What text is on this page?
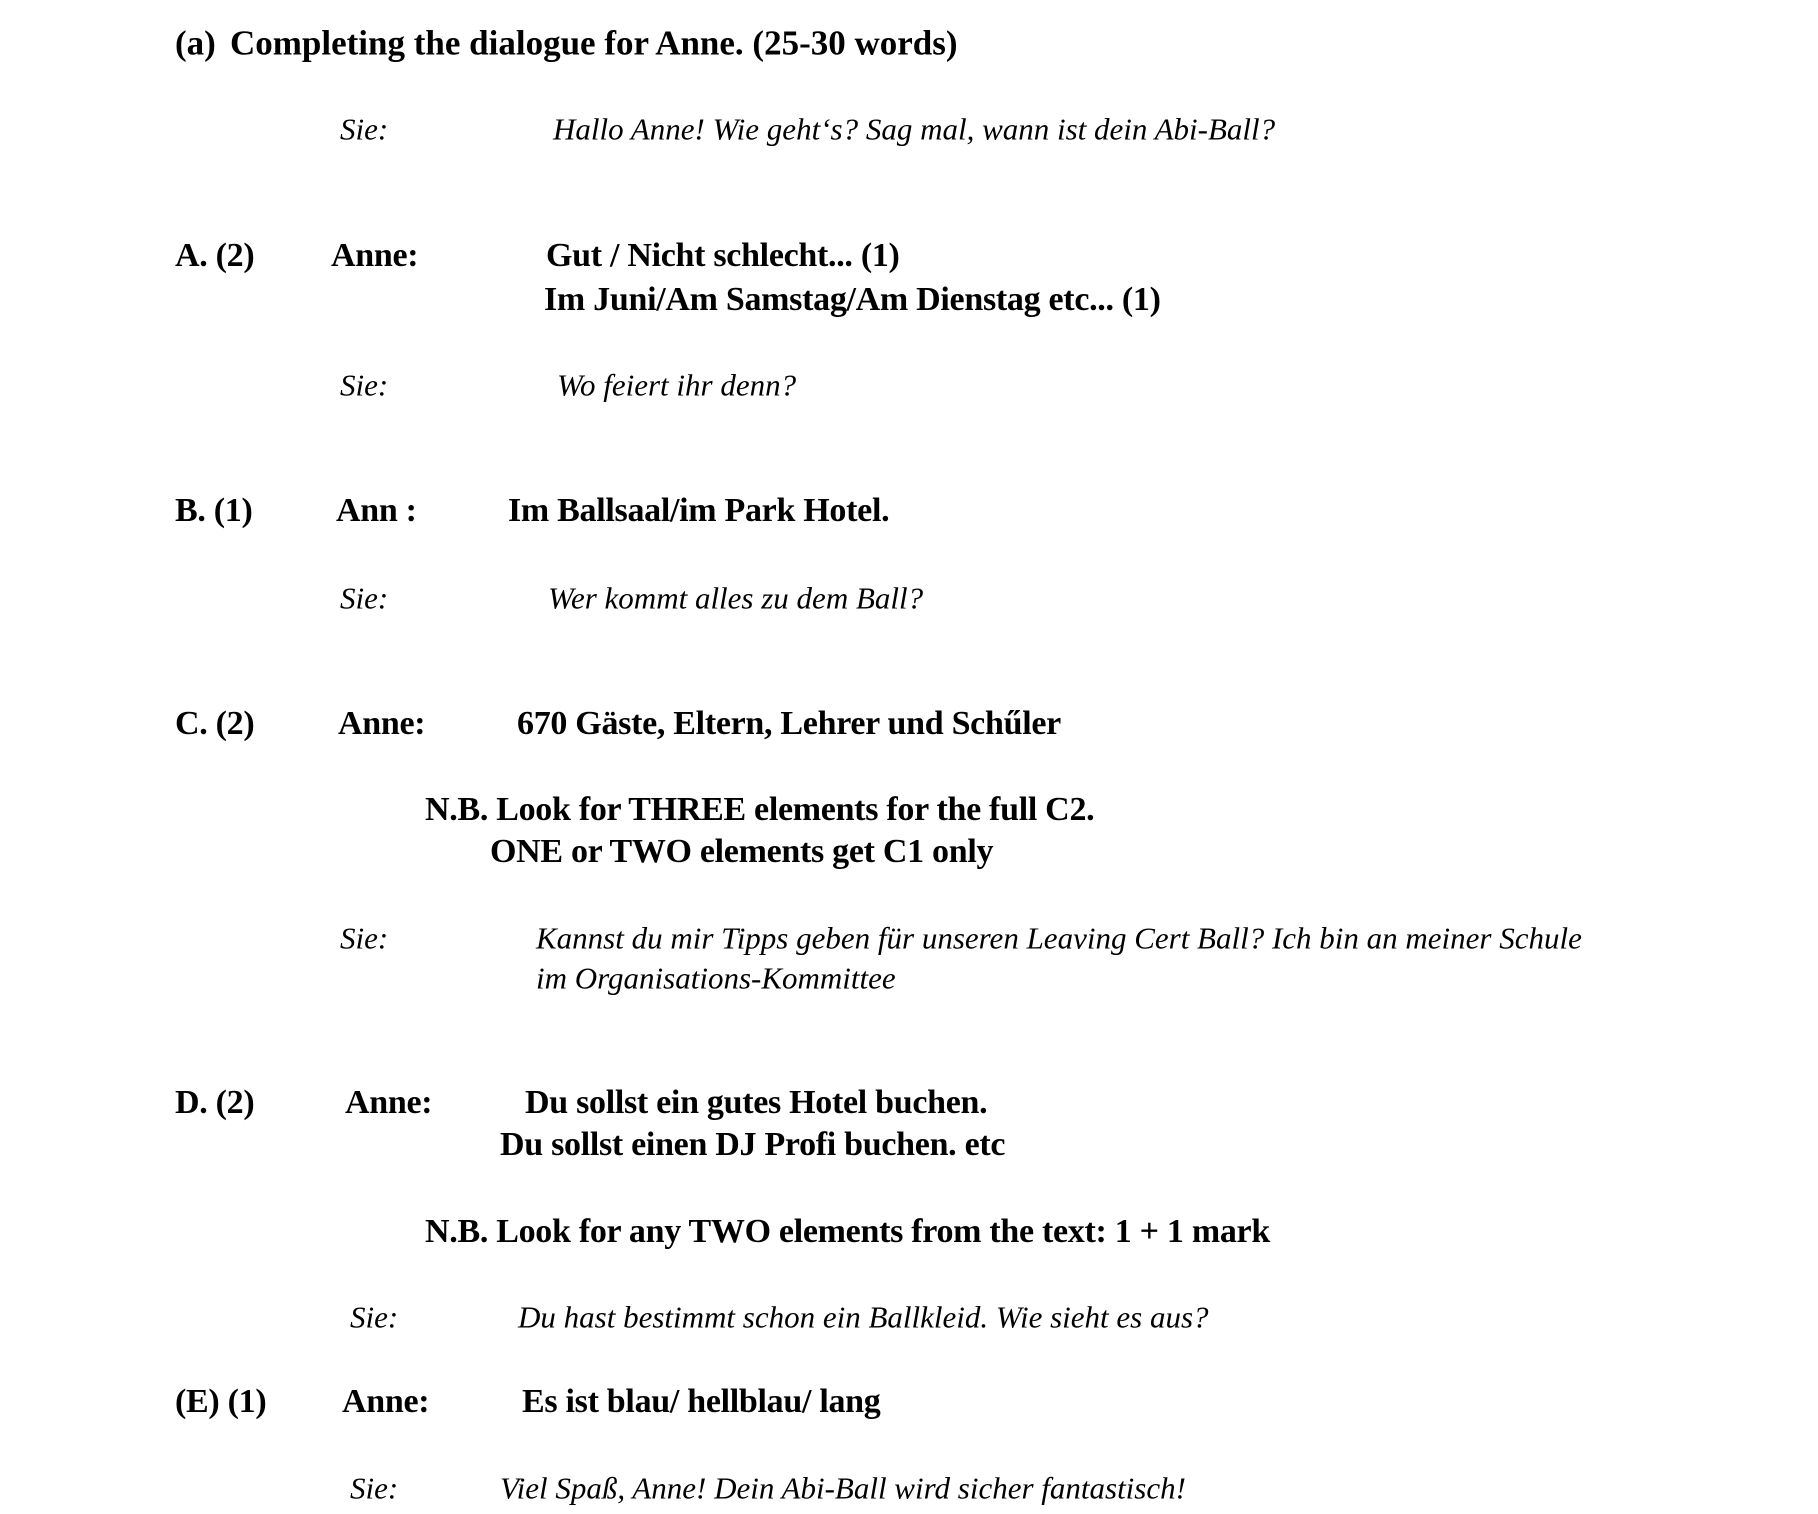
(a) Completing the dialogue for Anne. (25-30 words)
Sie:	Hallo Anne! Wie geht‘s? Sag mal, wann ist dein Abi-Ball?
A. (2) Anne:	Gut / Nicht schlecht... (1)
Im Juni/Am Samstag/Am Dienstag etc... (1)
Sie:	Wo feiert ihr denn?
B. (1) Ann :	Im Ballsaal/im Park Hotel.
Sie:	Wer kommt alles zu dem Ball?
C. (2) Anne:	670 Gäste, Eltern, Lehrer und Schűler
N.B. Look for THREE elements for the full C2.
ONE or TWO elements get C1 only
Sie:	Kannst du mir Tipps geben für unseren Leaving Cert Ball? Ich bin an meiner Schule
im Organisations-Kommittee
D. (2)	Anne:	Du sollst ein gutes Hotel buchen.
Du sollst einen DJ Profi buchen. etc
N.B. Look for any TWO elements from the text: 1 + 1 mark
Sie:	Du hast bestimmt schon ein Ballkleid. Wie sieht es aus?
(E) (1) Anne:	Es ist blau/ hellblau/ lang
Sie:	Viel Spaß, Anne! Dein Abi-Ball wird sicher fantastisch!
